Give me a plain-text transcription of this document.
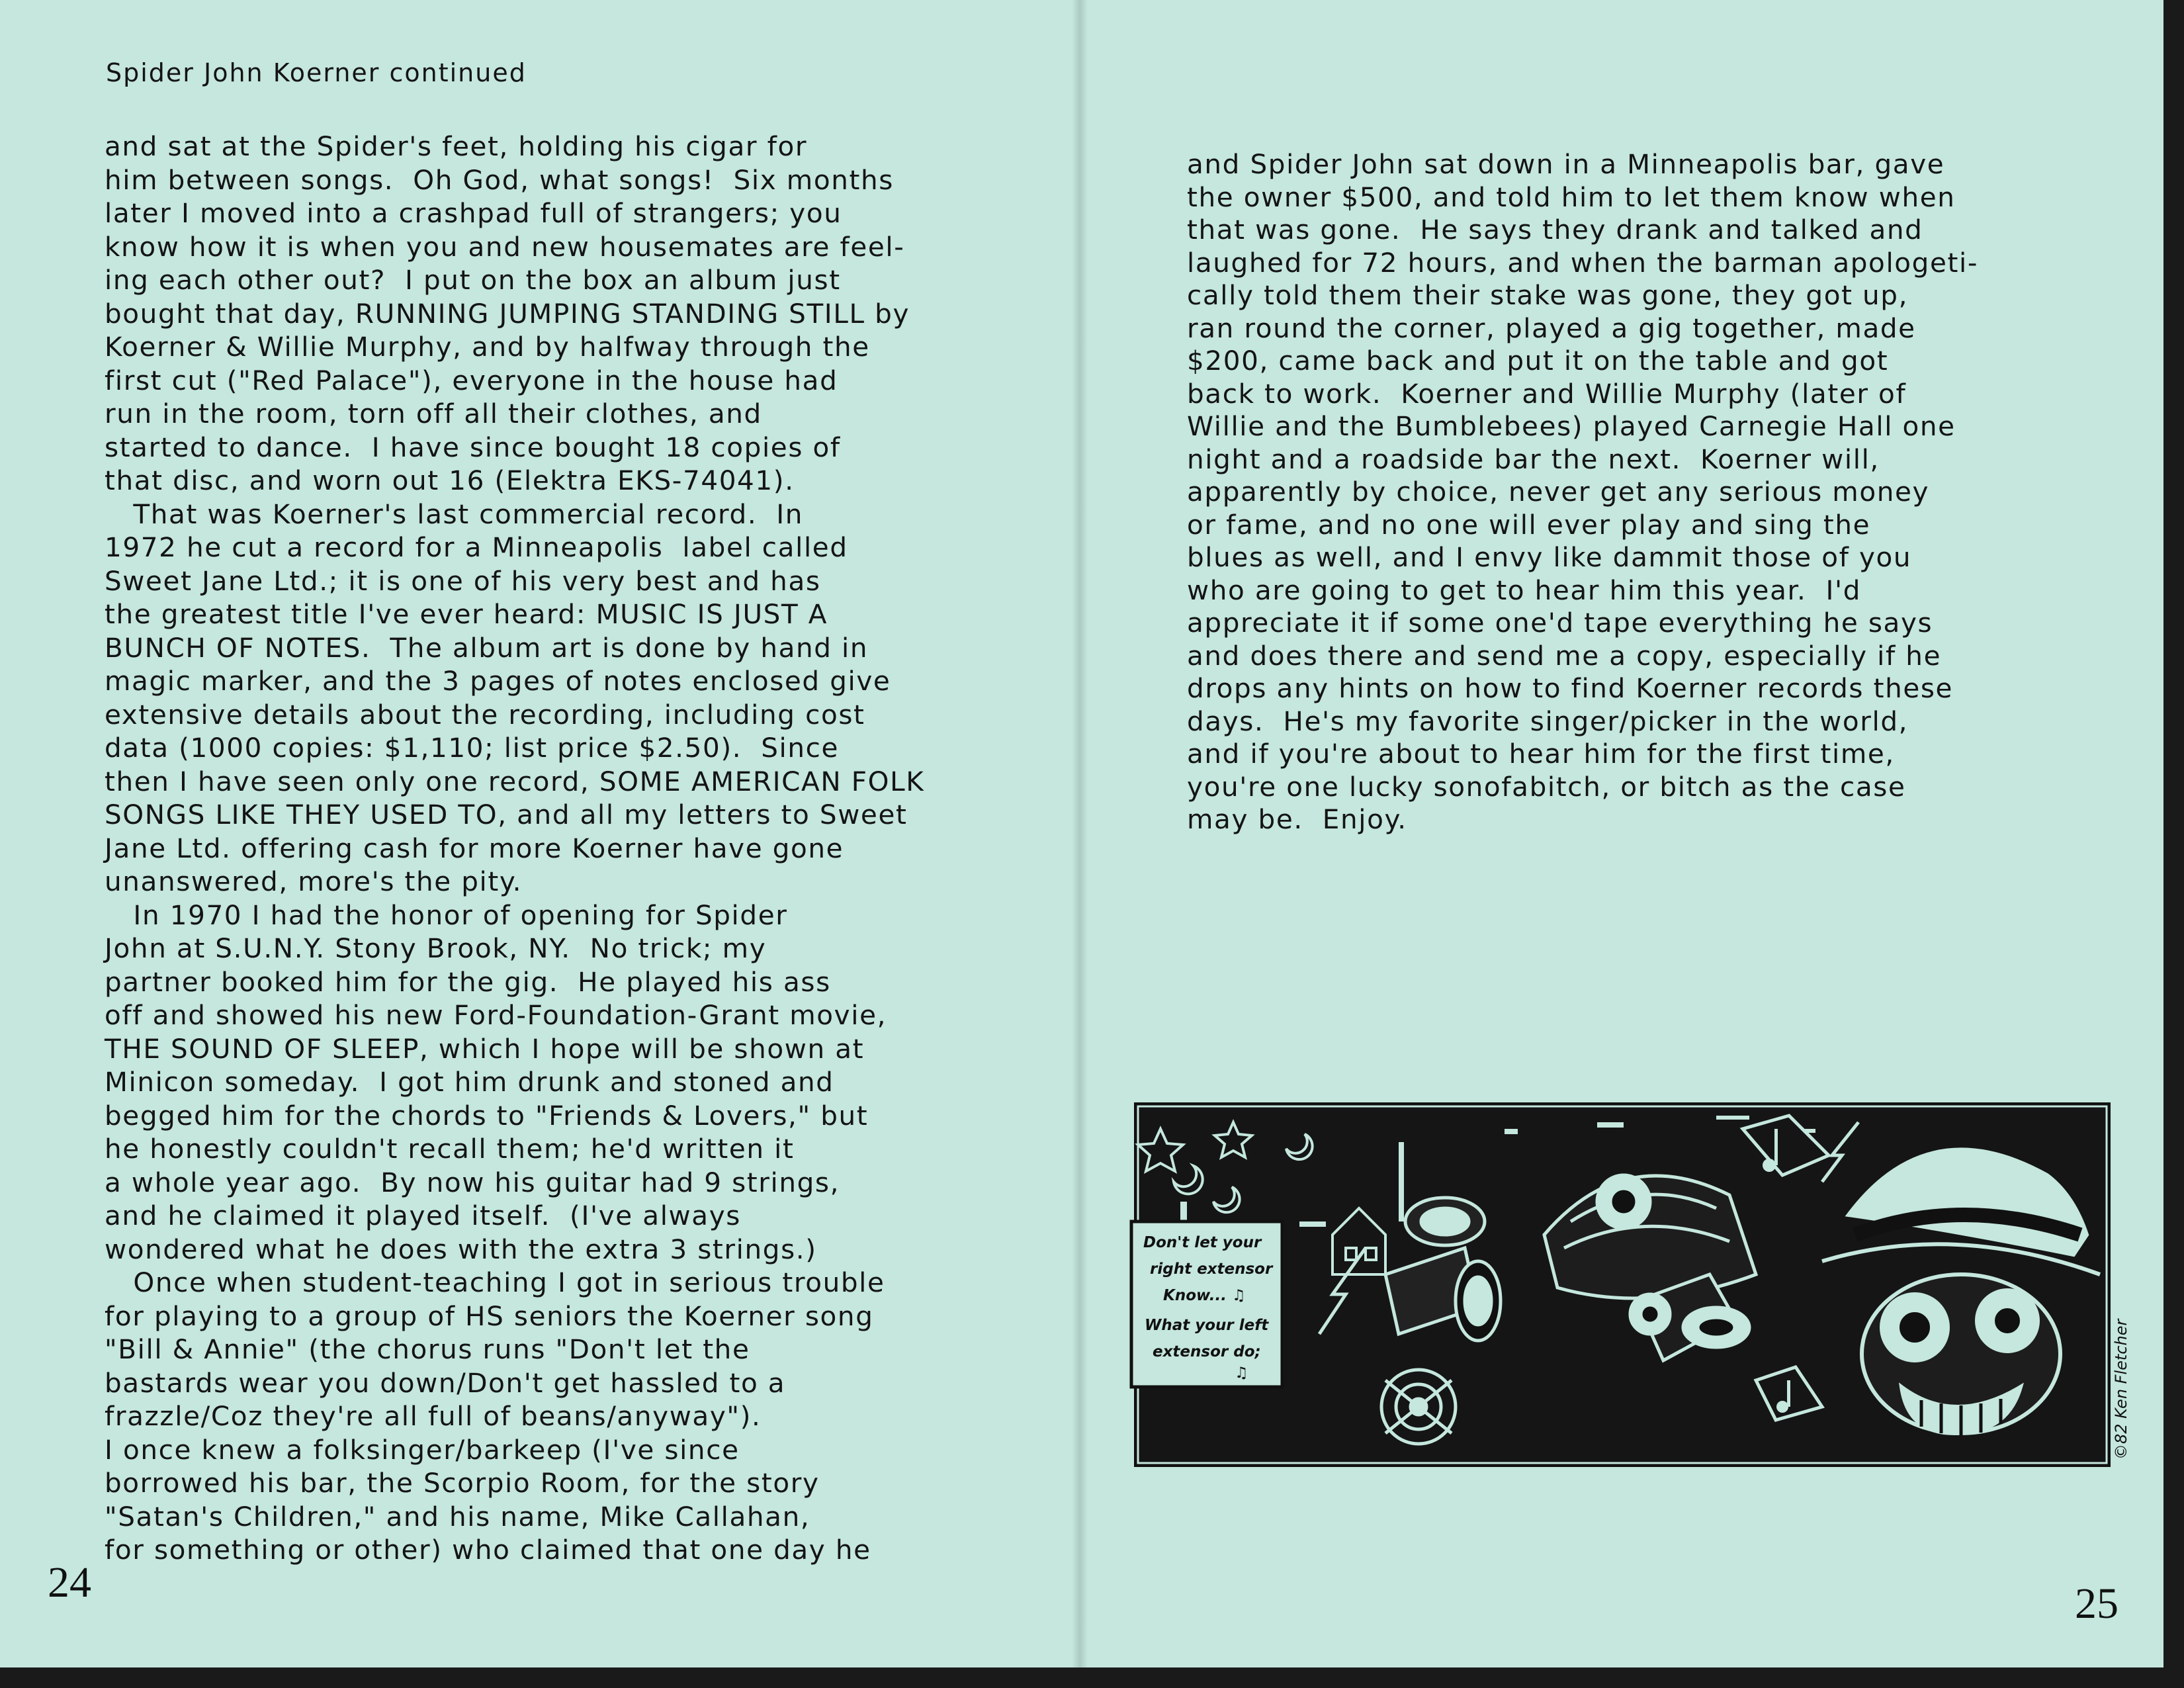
Spider John Koerner continued

and sat at the Spider's feet, holding his cigar for

him between songs.  Oh God, what songs!  Six months

later I moved into a crashpad full of strangers; you

know how it is when you and new housemates are feel-

ing each other out?  I put on the box an album just

bought that day, RUNNING JUMPING STANDING STILL by

Koerner & Willie Murphy, and by halfway through the

first cut ("Red Palace"), everyone in the house had

run in the room, torn off all their clothes, and

started to dance.  I have since bought 18 copies of

that disc, and worn out 16 (Elektra EKS-74041).

That was Koerner's last commercial record.  In

1972 he cut a record for a Minneapolis  label called

Sweet Jane Ltd.; it is one of his very best and has

the greatest title I've ever heard: MUSIC IS JUST A

BUNCH OF NOTES.  The album art is done by hand in

magic marker, and the 3 pages of notes enclosed give

extensive details about the recording, including cost

data (1000 copies: $1,110; list price $2.50).  Since

then I have seen only one record, SOME AMERICAN FOLK

SONGS LIKE THEY USED TO, and all my letters to Sweet

Jane Ltd. offering cash for more Koerner have gone

unanswered, more's the pity.

In 1970 I had the honor of opening for Spider

John at S.U.N.Y. Stony Brook, NY.  No trick; my

partner booked him for the gig.  He played his ass

off and showed his new Ford-Foundation-Grant movie,

THE SOUND OF SLEEP, which I hope will be shown at

Minicon someday.  I got him drunk and stoned and

begged him for the chords to "Friends & Lovers," but

he honestly couldn't recall them; he'd written it

a whole year ago.  By now his guitar had 9 strings,

and he claimed it played itself.  (I've always

wondered what he does with the extra 3 strings.)

Once when student-teaching I got in serious trouble

for playing to a group of HS seniors the Koerner song

"Bill & Annie" (the chorus runs "Don't let the

bastards wear you down/Don't get hassled to a

frazzle/Coz they're all full of beans/anyway").

I once knew a folksinger/barkeep (I've since

borrowed his bar, the Scorpio Room, for the story

"Satan's Children," and his name, Mike Callahan,

for something or other) who claimed that one day he

and Spider John sat down in a Minneapolis bar, gave

the owner $500, and told him to let them know when

that was gone.  He says they drank and talked and

laughed for 72 hours, and when the barman apologeti-

cally told them their stake was gone, they got up,

ran round the corner, played a gig together, made

$200, came back and put it on the table and got

back to work.  Koerner and Willie Murphy (later of

Willie and the Bumblebees) played Carnegie Hall one

night and a roadside bar the next.  Koerner will,

apparently by choice, never get any serious money

or fame, and no one will ever play and sing the

blues as well, and I envy like dammit those of you

who are going to get to hear him this year.  I'd

appreciate it if some one'd tape everything he says

and does there and send me a copy, especially if he

drops any hints on how to find Koerner records these

days.  He's my favorite singer/picker in the world,

and if you're about to hear him for the first time,

you're one lucky sonofabitch, or bitch as the case

may be.  Enjoy.

Don't let your
right extensor
Know... ♫
What your left
extensor do;
♫	©82 Ken Fletcher
24	25
